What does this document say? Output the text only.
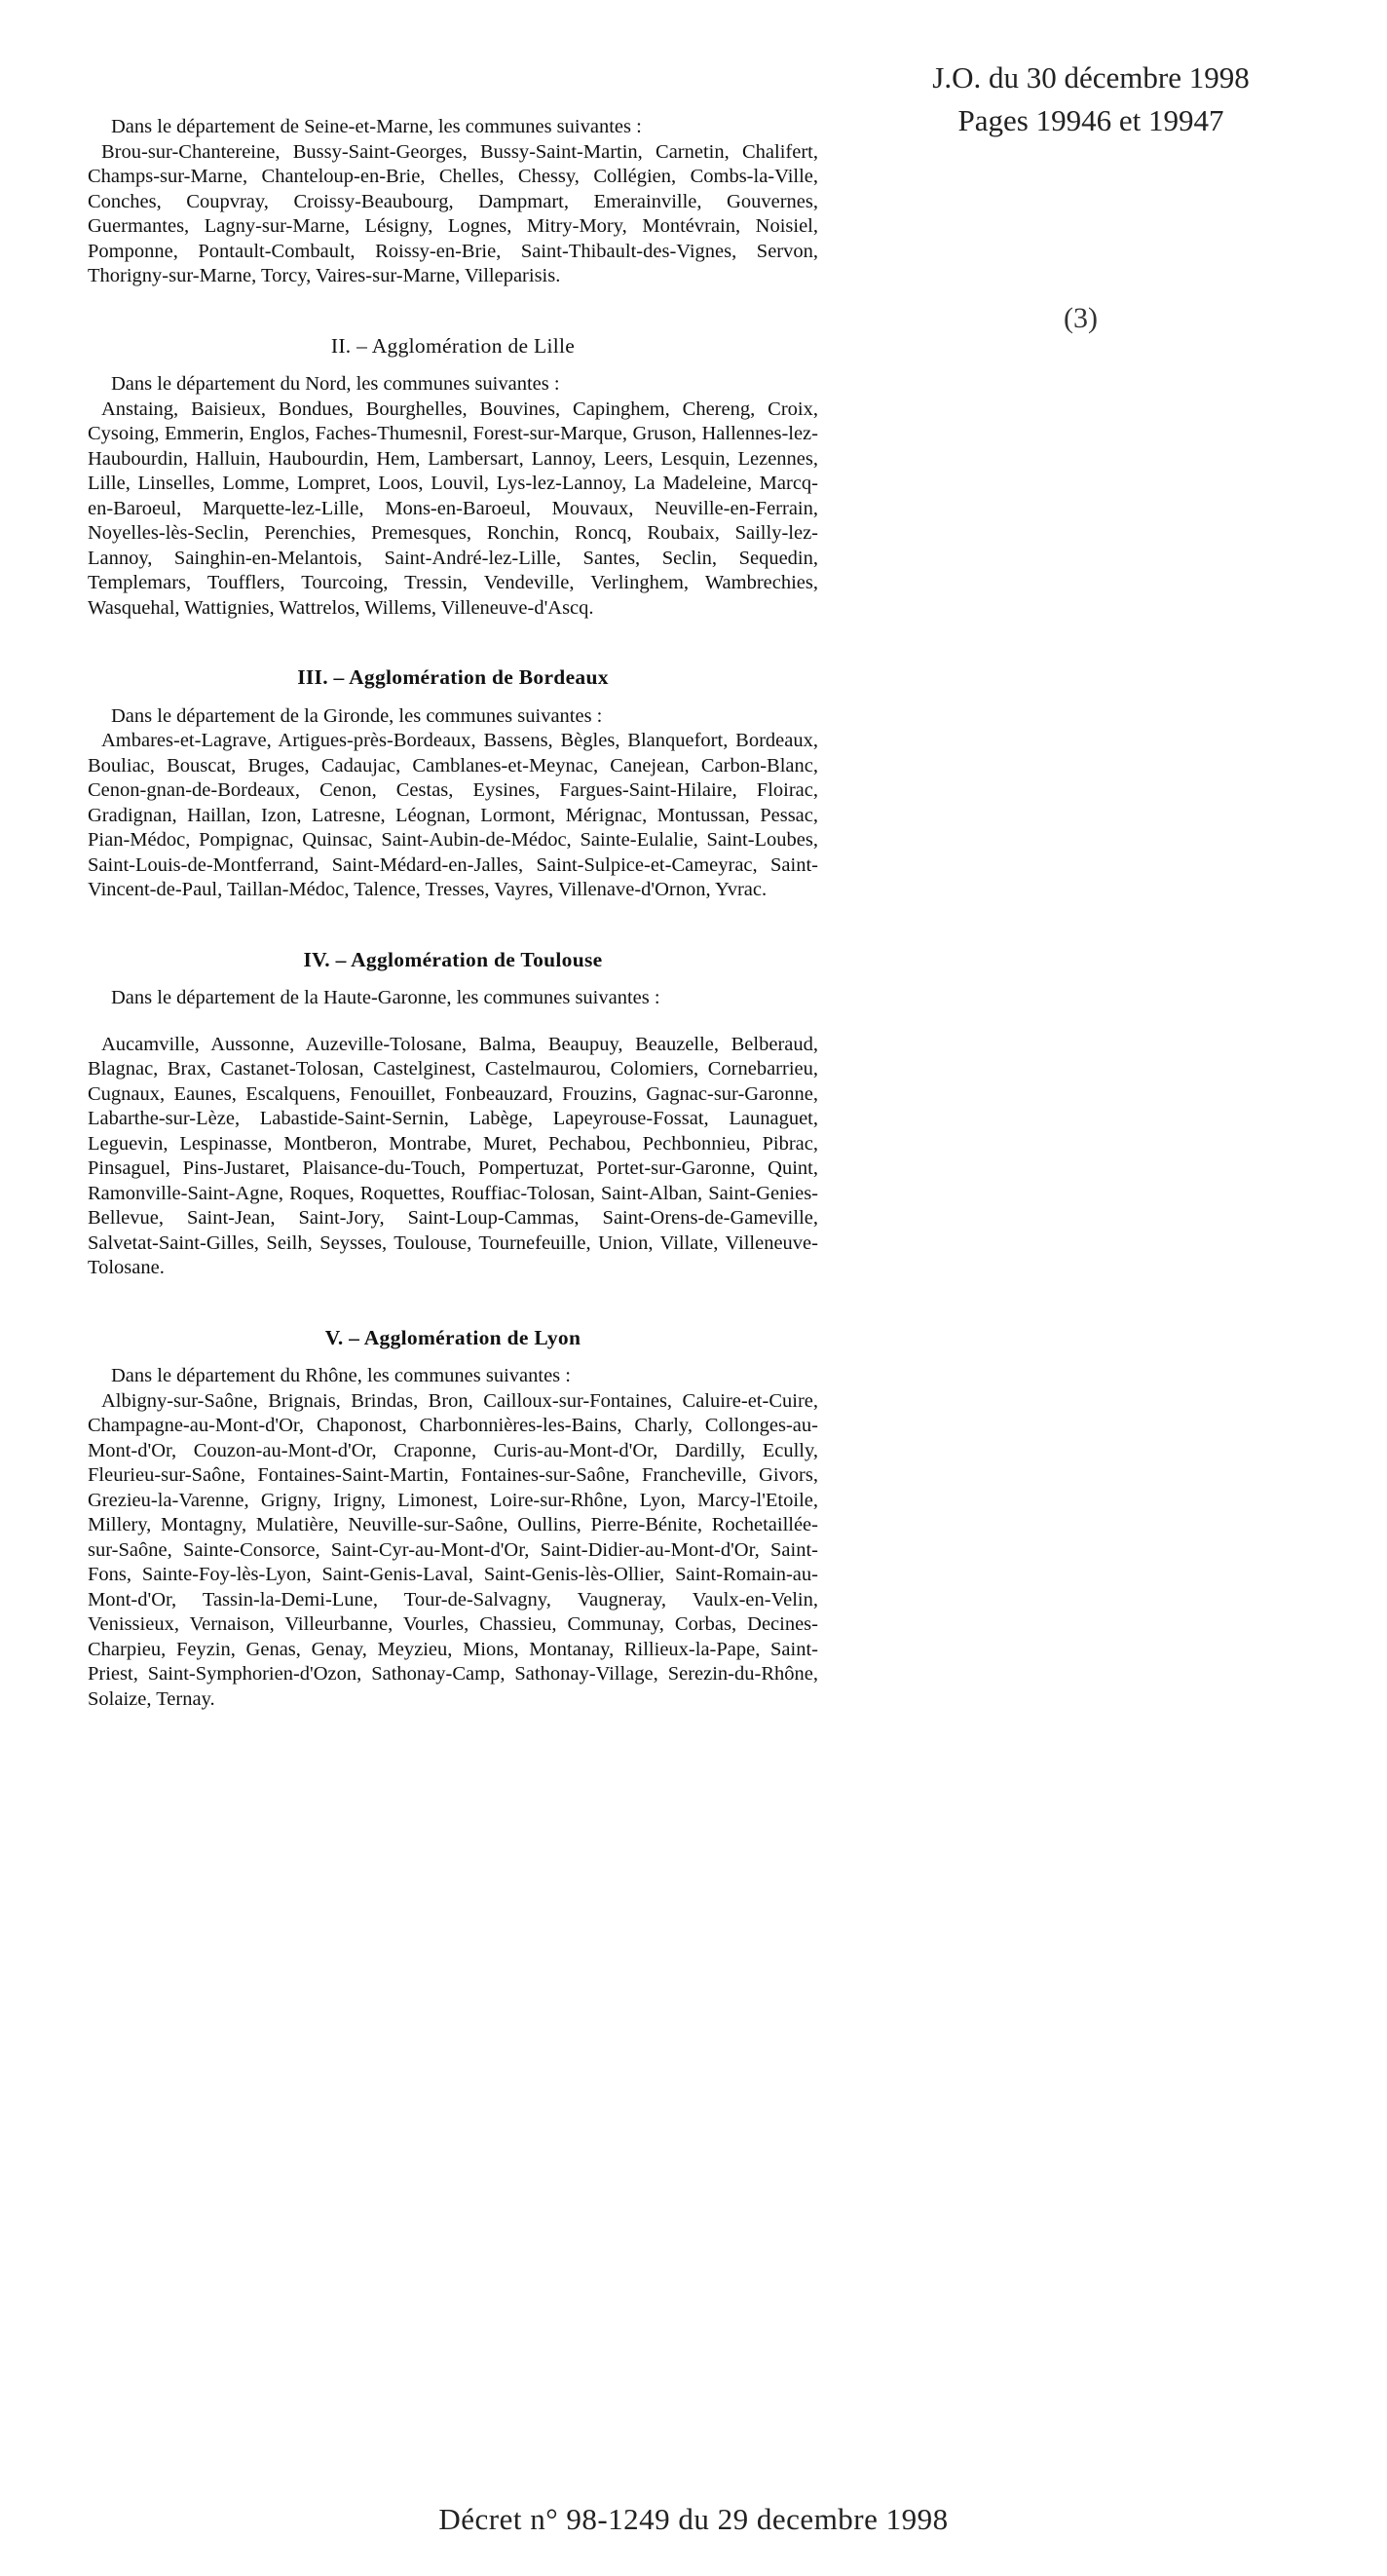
J.O. du 30 décembre 1998
Pages 19946 et 19947
(3)

Dans le département de Seine-et-Marne, les communes suivantes :

Brou-sur-Chantereine, Bussy-Saint-Georges, Bussy-Saint-Martin, Carnetin, Chalifert, Champs-sur-Marne, Chanteloup-en-Brie, Chelles, Chessy, Collégien, Combs-la-Ville, Conches, Coupvray, Croissy-Beaubourg, Dampmart, Emerainville, Gouvernes, Guermantes, Lagny-sur-Marne, Lésigny, Lognes, Mitry-Mory, Montévrain, Noisiel, Pomponne, Pontault-Combault, Roissy-en-Brie, Saint-Thibault-des-Vignes, Servon, Thorigny-sur-Marne, Torcy, Vaires-sur-Marne, Villeparisis.

II. – Agglomération de Lille

Dans le département du Nord, les communes suivantes :

Anstaing, Baisieux, Bondues, Bourghelles, Bouvines, Capinghem, Chereng, Croix, Cysoing, Emmerin, Englos, Faches-Thumesnil, Forest-sur-Marque, Gruson, Hallennes-lez-Haubourdin, Halluin, Haubourdin, Hem, Lambersart, Lannoy, Leers, Lesquin, Lezennes, Lille, Linselles, Lomme, Lompret, Loos, Louvil, Lys-lez-Lannoy, La Madeleine, Marcq-en-Baroeul, Marquette-lez-Lille, Mons-en-Baroeul, Mouvaux, Neuville-en-Ferrain, Noyelles-lès-Seclin, Perenchies, Premesques, Ronchin, Roncq, Roubaix, Sailly-lez-Lannoy, Sainghin-en-Melantois, Saint-André-lez-Lille, Santes, Seclin, Sequedin, Templemars, Toufflers, Tourcoing, Tressin, Vendeville, Verlinghem, Wambrechies, Wasquehal, Wattignies, Wattrelos, Willems, Villeneuve-d'Ascq.

III. – Agglomération de Bordeaux

Dans le département de la Gironde, les communes suivantes :

Ambares-et-Lagrave, Artigues-près-Bordeaux, Bassens, Bègles, Blanquefort, Bordeaux, Bouliac, Bouscat, Bruges, Cadaujac, Camblanes-et-Meynac, Canejean, Carbon-Blanc, Cenon-gnan-de-Bordeaux, Cenon, Cestas, Eysines, Fargues-Saint-Hilaire, Floirac, Gradignan, Haillan, Izon, Latresne, Léognan, Lormont, Mérignac, Montussan, Pessac, Pian-Médoc, Pompignac, Quinsac, Saint-Aubin-de-Médoc, Sainte-Eulalie, Saint-Loubes, Saint-Louis-de-Montferrand, Saint-Médard-en-Jalles, Saint-Sulpice-et-Cameyrac, Saint-Vincent-de-Paul, Taillan-Médoc, Talence, Tresses, Vayres, Villenave-d'Ornon, Yvrac.

IV. – Agglomération de Toulouse

Dans le département de la Haute-Garonne, les communes suivantes :

Aucamville, Aussonne, Auzeville-Tolosane, Balma, Beaupuy, Beauzelle, Belberaud, Blagnac, Brax, Castanet-Tolosan, Castelginest, Castelmaurou, Colomiers, Cornebarrieu, Cugnaux, Eaunes, Escalquens, Fenouillet, Fonbeauzard, Frouzins, Gagnac-sur-Garonne, Labarthe-sur-Lèze, Labastide-Saint-Sernin, Labège, Lapeyrouse-Fossat, Launaguet, Leguevin, Lespinasse, Montberon, Montrabe, Muret, Pechabou, Pechbonnieu, Pibrac, Pinsaguel, Pins-Justaret, Plaisance-du-Touch, Pompertuzat, Portet-sur-Garonne, Quint, Ramonville-Saint-Agne, Roques, Roquettes, Rouffiac-Tolosan, Saint-Alban, Saint-Genies-Bellevue, Saint-Jean, Saint-Jory, Saint-Loup-Cammas, Saint-Orens-de-Gameville, Salvetat-Saint-Gilles, Seilh, Seysses, Toulouse, Tournefeuille, Union, Villate, Villeneuve-Tolosane.

V. – Agglomération de Lyon

Dans le département du Rhône, les communes suivantes :

Albigny-sur-Saône, Brignais, Brindas, Bron, Cailloux-sur-Fontaines, Caluire-et-Cuire, Champagne-au-Mont-d'Or, Chaponost, Charbonnières-les-Bains, Charly, Collonges-au-Mont-d'Or, Couzon-au-Mont-d'Or, Craponne, Curis-au-Mont-d'Or, Dardilly, Ecully, Fleurieu-sur-Saône, Fontaines-Saint-Martin, Fontaines-sur-Saône, Francheville, Givors, Grezieu-la-Varenne, Grigny, Irigny, Limonest, Loire-sur-Rhône, Lyon, Marcy-l'Etoile, Millery, Montagny, Mulatière, Neuville-sur-Saône, Oullins, Pierre-Bénite, Rochetaillée-sur-Saône, Sainte-Consorce, Saint-Cyr-au-Mont-d'Or, Saint-Didier-au-Mont-d'Or, Saint-Fons, Sainte-Foy-lès-Lyon, Saint-Genis-Laval, Saint-Genis-lès-Ollier, Saint-Romain-au-Mont-d'Or, Tassin-la-Demi-Lune, Tour-de-Salvagny, Vaugneray, Vaulx-en-Velin, Venissieux, Vernaison, Villeurbanne, Vourles, Chassieu, Communay, Corbas, Decines-Charpieu, Feyzin, Genas, Genay, Meyzieu, Mions, Montanay, Rillieux-la-Pape, Saint-Priest, Saint-Symphorien-d'Ozon, Sathonay-Camp, Sathonay-Village, Serezin-du-Rhône, Solaize, Ternay.

Décret n° 98-1249 du 29 decembre 1998
